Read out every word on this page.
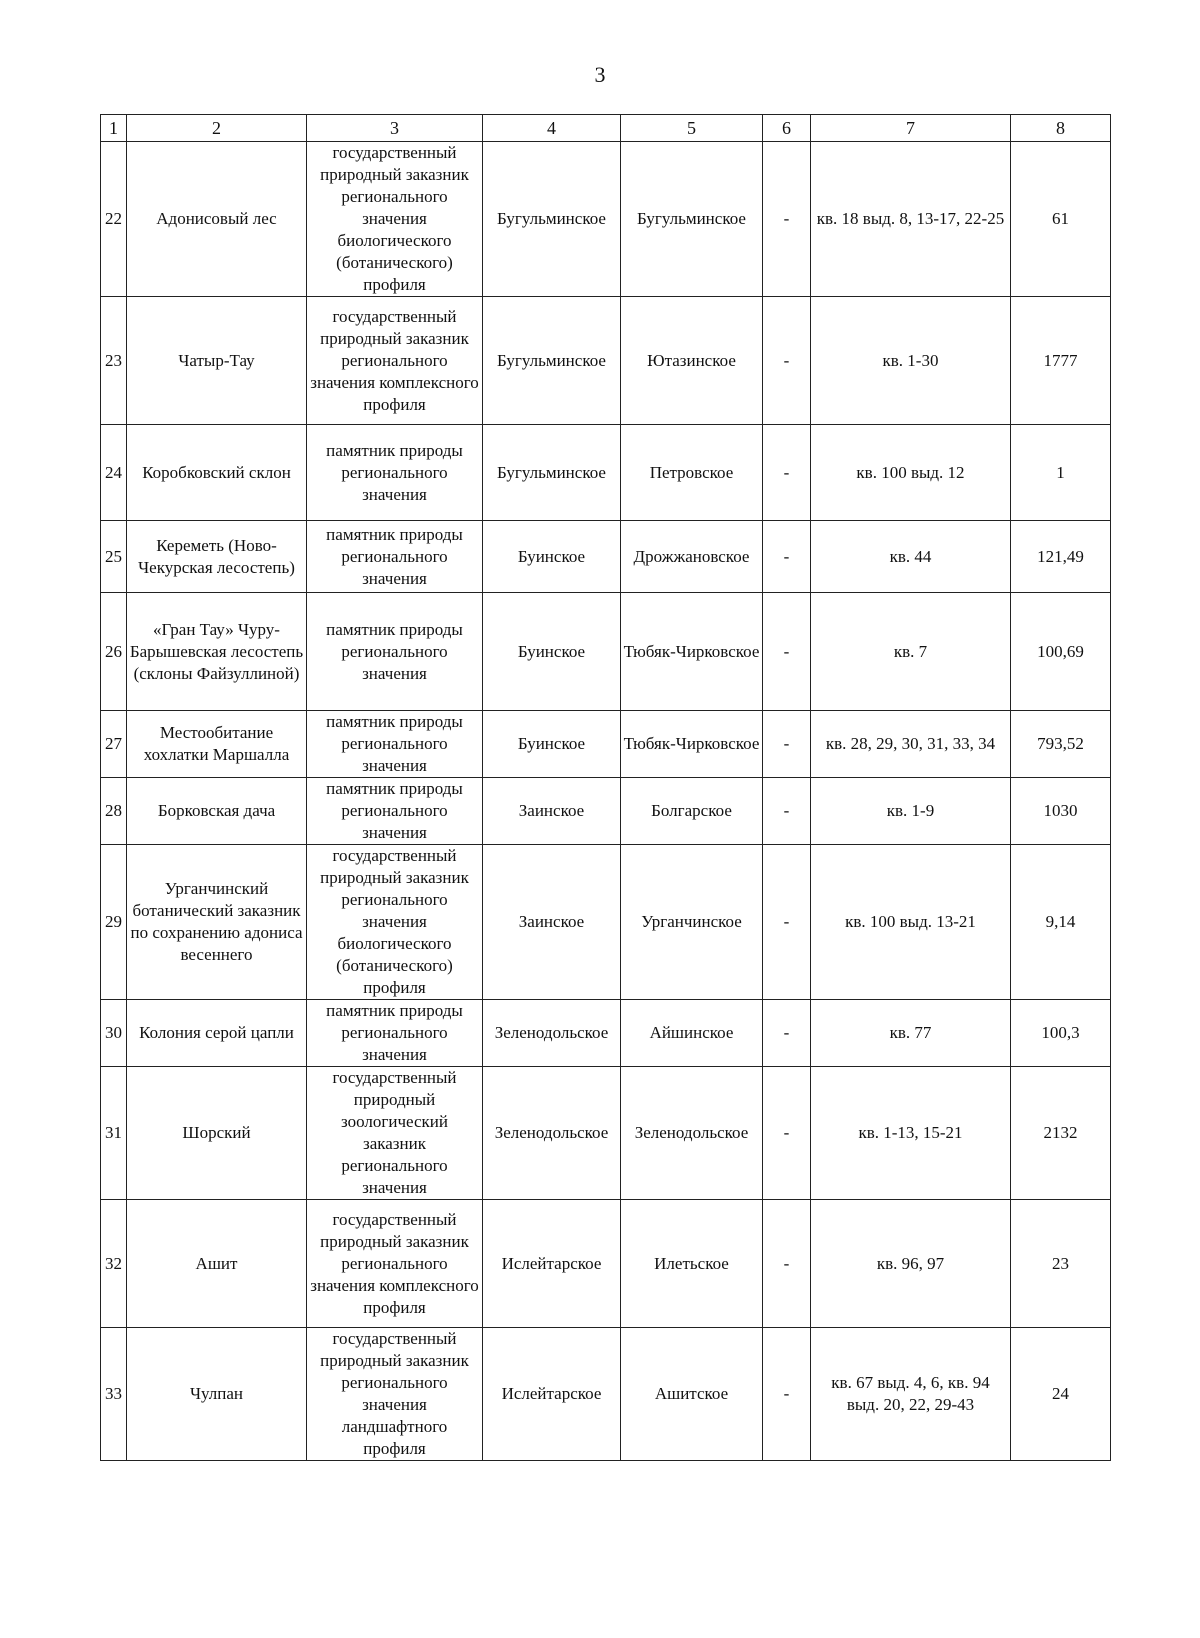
3
1	2	3	4	5	6	7	8
22	Адонисовый лес	государственный природный заказник регионального значения биологического (ботанического) профиля	Бугульминское	Бугульминское	-	кв. 18 выд. 8, 13-17, 22-25	61
23	Чатыр-Тау	государственный природный заказник регионального значения комплексного профиля	Бугульминское	Ютазинское	-	кв. 1-30	1777
24	Коробковский склон	памятник природы регионального значения	Бугульминское	Петровское	-	кв. 100 выд. 12	1
25	Кереметь (Ново-Чекурская лесостепь)	памятник природы регионального значения	Буинское	Дрожжановское	-	кв. 44	121,49
26	«Гран Тау» Чуру-Барышевская лесостепь (склоны Файзуллиной)	памятник природы регионального значения	Буинское	Тюбяк-Чирковское	-	кв. 7	100,69
27	Местообитание хохлатки Маршалла	памятник природы регионального значения	Буинское	Тюбяк-Чирковское	-	кв. 28, 29, 30, 31, 33, 34	793,52
28	Борковская дача	памятник природы регионального значения	Заинское	Болгарское	-	кв. 1-9	1030
29	Урганчинский ботанический заказник по сохранению адониса весеннего	государственный природный заказник регионального значения биологического (ботанического) профиля	Заинское	Урганчинское	-	кв. 100 выд. 13-21	9,14
30	Колония серой цапли	памятник природы регионального значения	Зеленодольское	Айшинское	-	кв. 77	100,3
31	Шорский	государственный природный зоологический заказник регионального значения	Зеленодольское	Зеленодольское	-	кв. 1-13, 15-21	2132
32	Ашит	государственный природный заказник регионального значения комплексного профиля	Ислейтарское	Илетьское	-	кв. 96, 97	23
33	Чулпан	государственный природный заказник регионального значения ландшафтного профиля	Ислейтарское	Ашитское	-	кв. 67 выд. 4, 6, кв. 94 выд. 20, 22, 29-43	24
